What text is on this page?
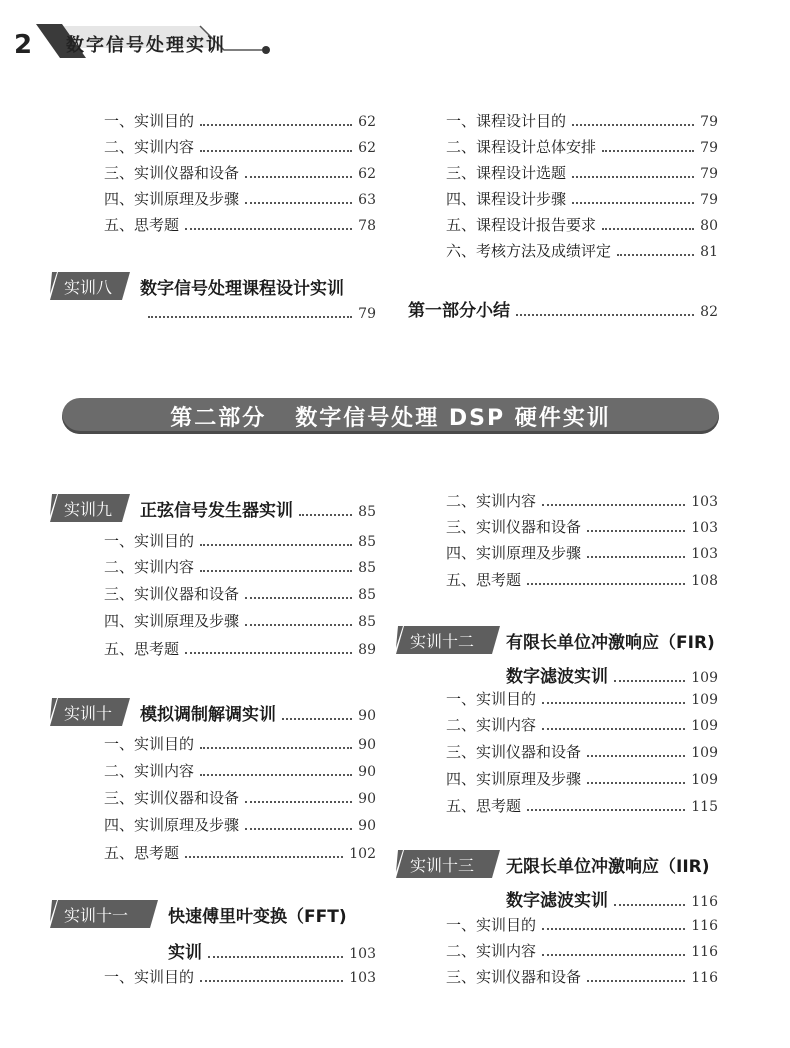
2 数字信号处理实训
一、实训目的	62
二、实训内容	62
三、实训仪器和设备	62
四、实训原理及步骤	63
五、思考题	78
实训八 数字信号处理课程设计实训
79
一、课程设计目的	79
二、课程设计总体安排	79
三、课程设计选题	79
四、课程设计步骤	79
五、课程设计报告要求	80
六、考核方法及成绩评定	81
第一部分小结	82
第二部分   数字信号处理 DSP 硬件实训
实训九 正弦信号发生器实训	85
一、实训目的	85
二、实训内容	85
三、实训仪器和设备	85
四、实训原理及步骤	85
五、思考题	89
实训十 模拟调制解调实训	90
一、实训目的	90
二、实训内容	90
三、实训仪器和设备	90
四、实训原理及步骤	90
五、思考题	102
实训十一 快速傅里叶变换（FFT)
实训	103
一、实训目的	103
二、实训内容	103
三、实训仪器和设备	103
四、实训原理及步骤	103
五、思考题	108
实训十二 有限长单位冲激响应（FIR)
数字滤波实训	109
一、实训目的	109
二、实训内容	109
三、实训仪器和设备	109
四、实训原理及步骤	109
五、思考题	115
实训十三 无限长单位冲激响应（IIR)
数字滤波实训	116
一、实训目的	116
二、实训内容	116
三、实训仪器和设备	116
